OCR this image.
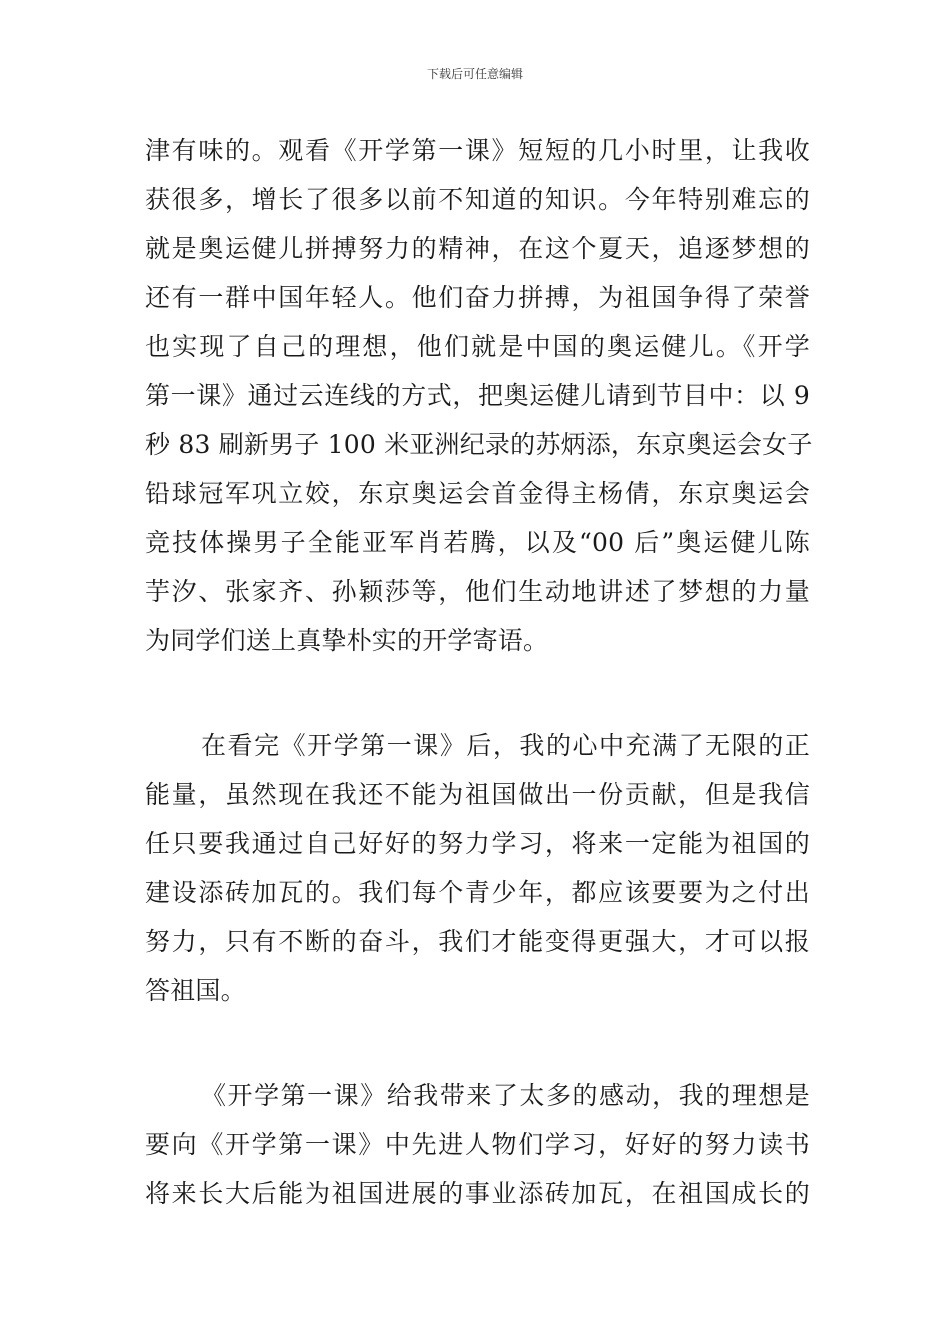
下载后可任意编辑
津有味的。观看《开学第一课》短短的几小时里，让我收
获很多，增长了很多以前不知道的知识。今年特别难忘的
就是奥运健儿拼搏努力的精神，在这个夏天，追逐梦想的
还有一群中国年轻人。他们奋力拼搏，为祖国争得了荣誉
也实现了自己的理想，他们就是中国的奥运健儿。《开学
第一课》通过云连线的方式，把奥运健儿请到节目中：以 9
秒 83 刷新男子 100 米亚洲纪录的苏炳添，东京奥运会女子
铅球冠军巩立姣，东京奥运会首金得主杨倩，东京奥运会
竞技体操男子全能亚军肖若腾，以及“00 后”奥运健儿陈
芋汐、张家齐、孙颖莎等，他们生动地讲述了梦想的力量
为同学们送上真挚朴实的开学寄语。
在看完《开学第一课》后，我的心中充满了无限的正
能量，虽然现在我还不能为祖国做出一份贡献，但是我信
任只要我通过自己好好的努力学习，将来一定能为祖国的
建设添砖加瓦的。我们每个青少年，都应该要要为之付出
努力，只有不断的奋斗，我们才能变得更强大，才可以报
答祖国。
《开学第一课》给我带来了太多的感动，我的理想是
要向《开学第一课》中先进人物们学习，好好的努力读书
将来长大后能为祖国进展的事业添砖加瓦，在祖国成长的
